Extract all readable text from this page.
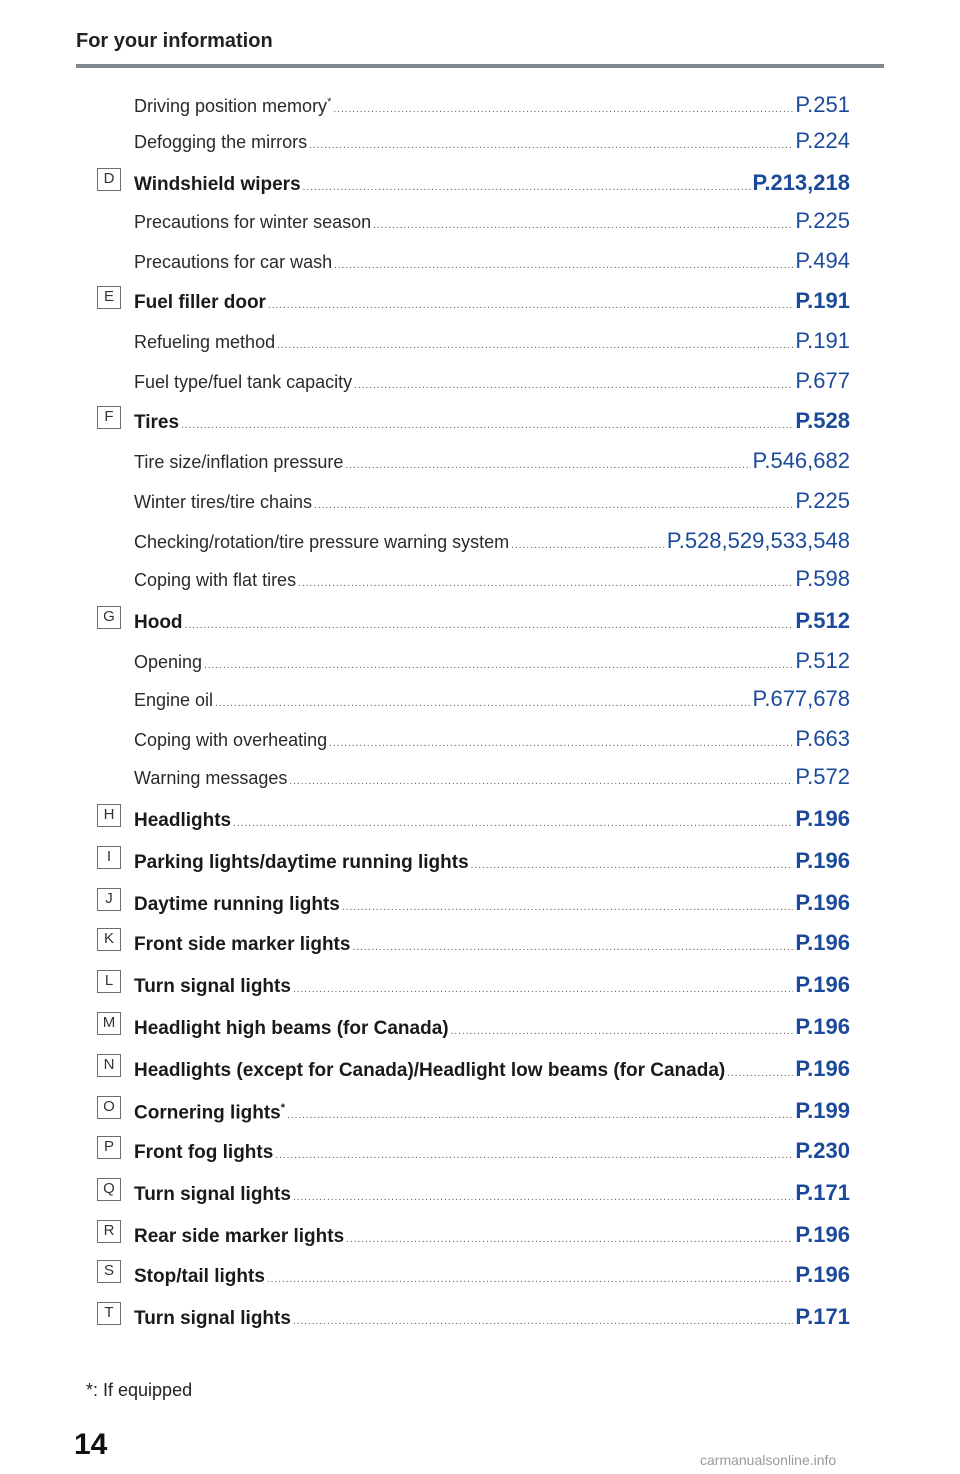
For your information
Driving position memory* .....	P.251
Defogging the mirrors .....	P.224
D	Windshield wipers .....	P.213,218
Precautions for winter season .....	P.225
Precautions for car wash .....	P.494
E	Fuel filler door .....	P.191
Refueling method .....	P.191
Fuel type/fuel tank capacity .....	P.677
F	Tires .....	P.528
Tire size/inflation pressure .....	P.546,682
Winter tires/tire chains .....	P.225
Checking/rotation/tire pressure warning system .....	P.528,529,533,548
Coping with flat tires .....	P.598
G	Hood .....	P.512
Opening .....	P.512
Engine oil .....	P.677,678
Coping with overheating .....	P.663
Warning messages .....	P.572
H	Headlights .....	P.196
I	Parking lights/daytime running lights .....	P.196
J	Daytime running lights .....	P.196
K	Front side marker lights .....	P.196
L	Turn signal lights .....	P.196
M Headlight high beams (for Canada) .....	P.196
N	Headlights (except for Canada)/Headlight low beams (for Canada) .....	P.196
O	Cornering lights* .....	P.199
P	Front fog lights .....	P.230
Q	Turn signal lights .....	P.171
R	Rear side marker lights .....	P.196
S	Stop/tail lights .....	P.196
T	Turn signal lights .....	P.171
*: If equipped
14	carmanualsonline.info
